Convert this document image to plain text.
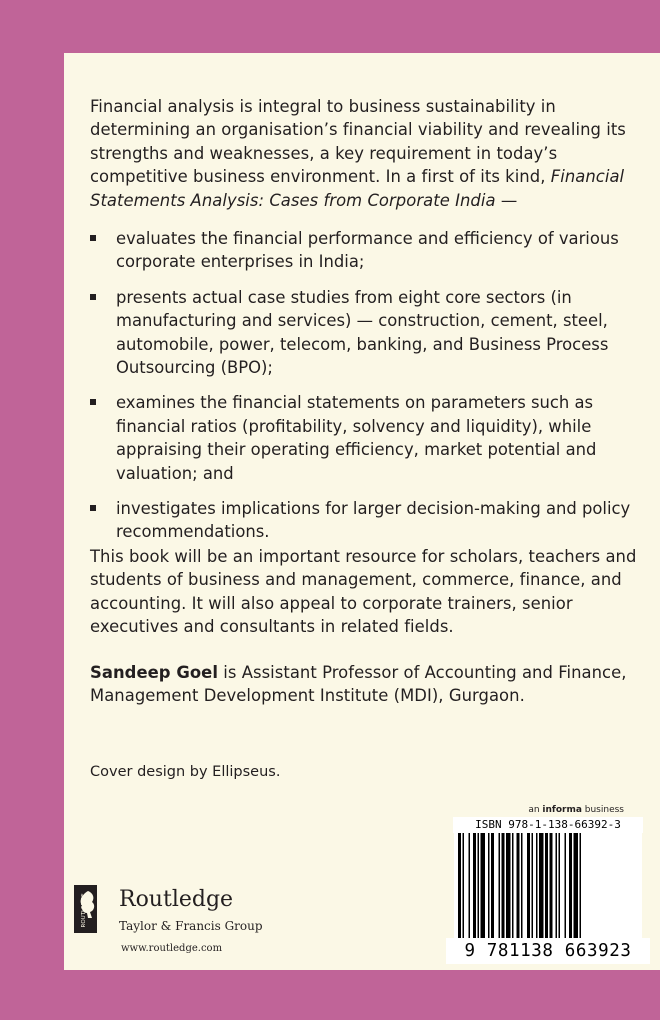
Financial analysis is integral to business sustainability in determining an organisation’s financial viability and revealing its strengths and weaknesses, a key requirement in today’s competitive business environment. In a first of its kind, Financial Statements Analysis: Cases from Corporate India —

evaluates the financial performance and efficiency of various corporate enterprises in India;
presents actual case studies from eight core sectors (in manufacturing and services) — construction, cement, steel, automobile, power, telecom, banking, and Business Process Outsourcing (BPO);
examines the financial statements on parameters such as financial ratios (profitability, solvency and liquidity), while appraising their operating efficiency, market potential and valuation; and
investigates implications for larger decision-making and policy recommendations.

This book will be an important resource for scholars, teachers and students of business and management, commerce, finance, and accounting. It will also appeal to corporate trainers, senior executives and consultants in related fields.

Sandeep Goel is Assistant Professor of Accounting and Finance, Management Development Institute (MDI), Gurgaon.

Cover design by Ellipseus.
ROUTLEDGE Routledge
Taylor & Francis Group
www.routledge.com
an informa business
ISBN 978-1-138-66392-3
9 781138 663923
